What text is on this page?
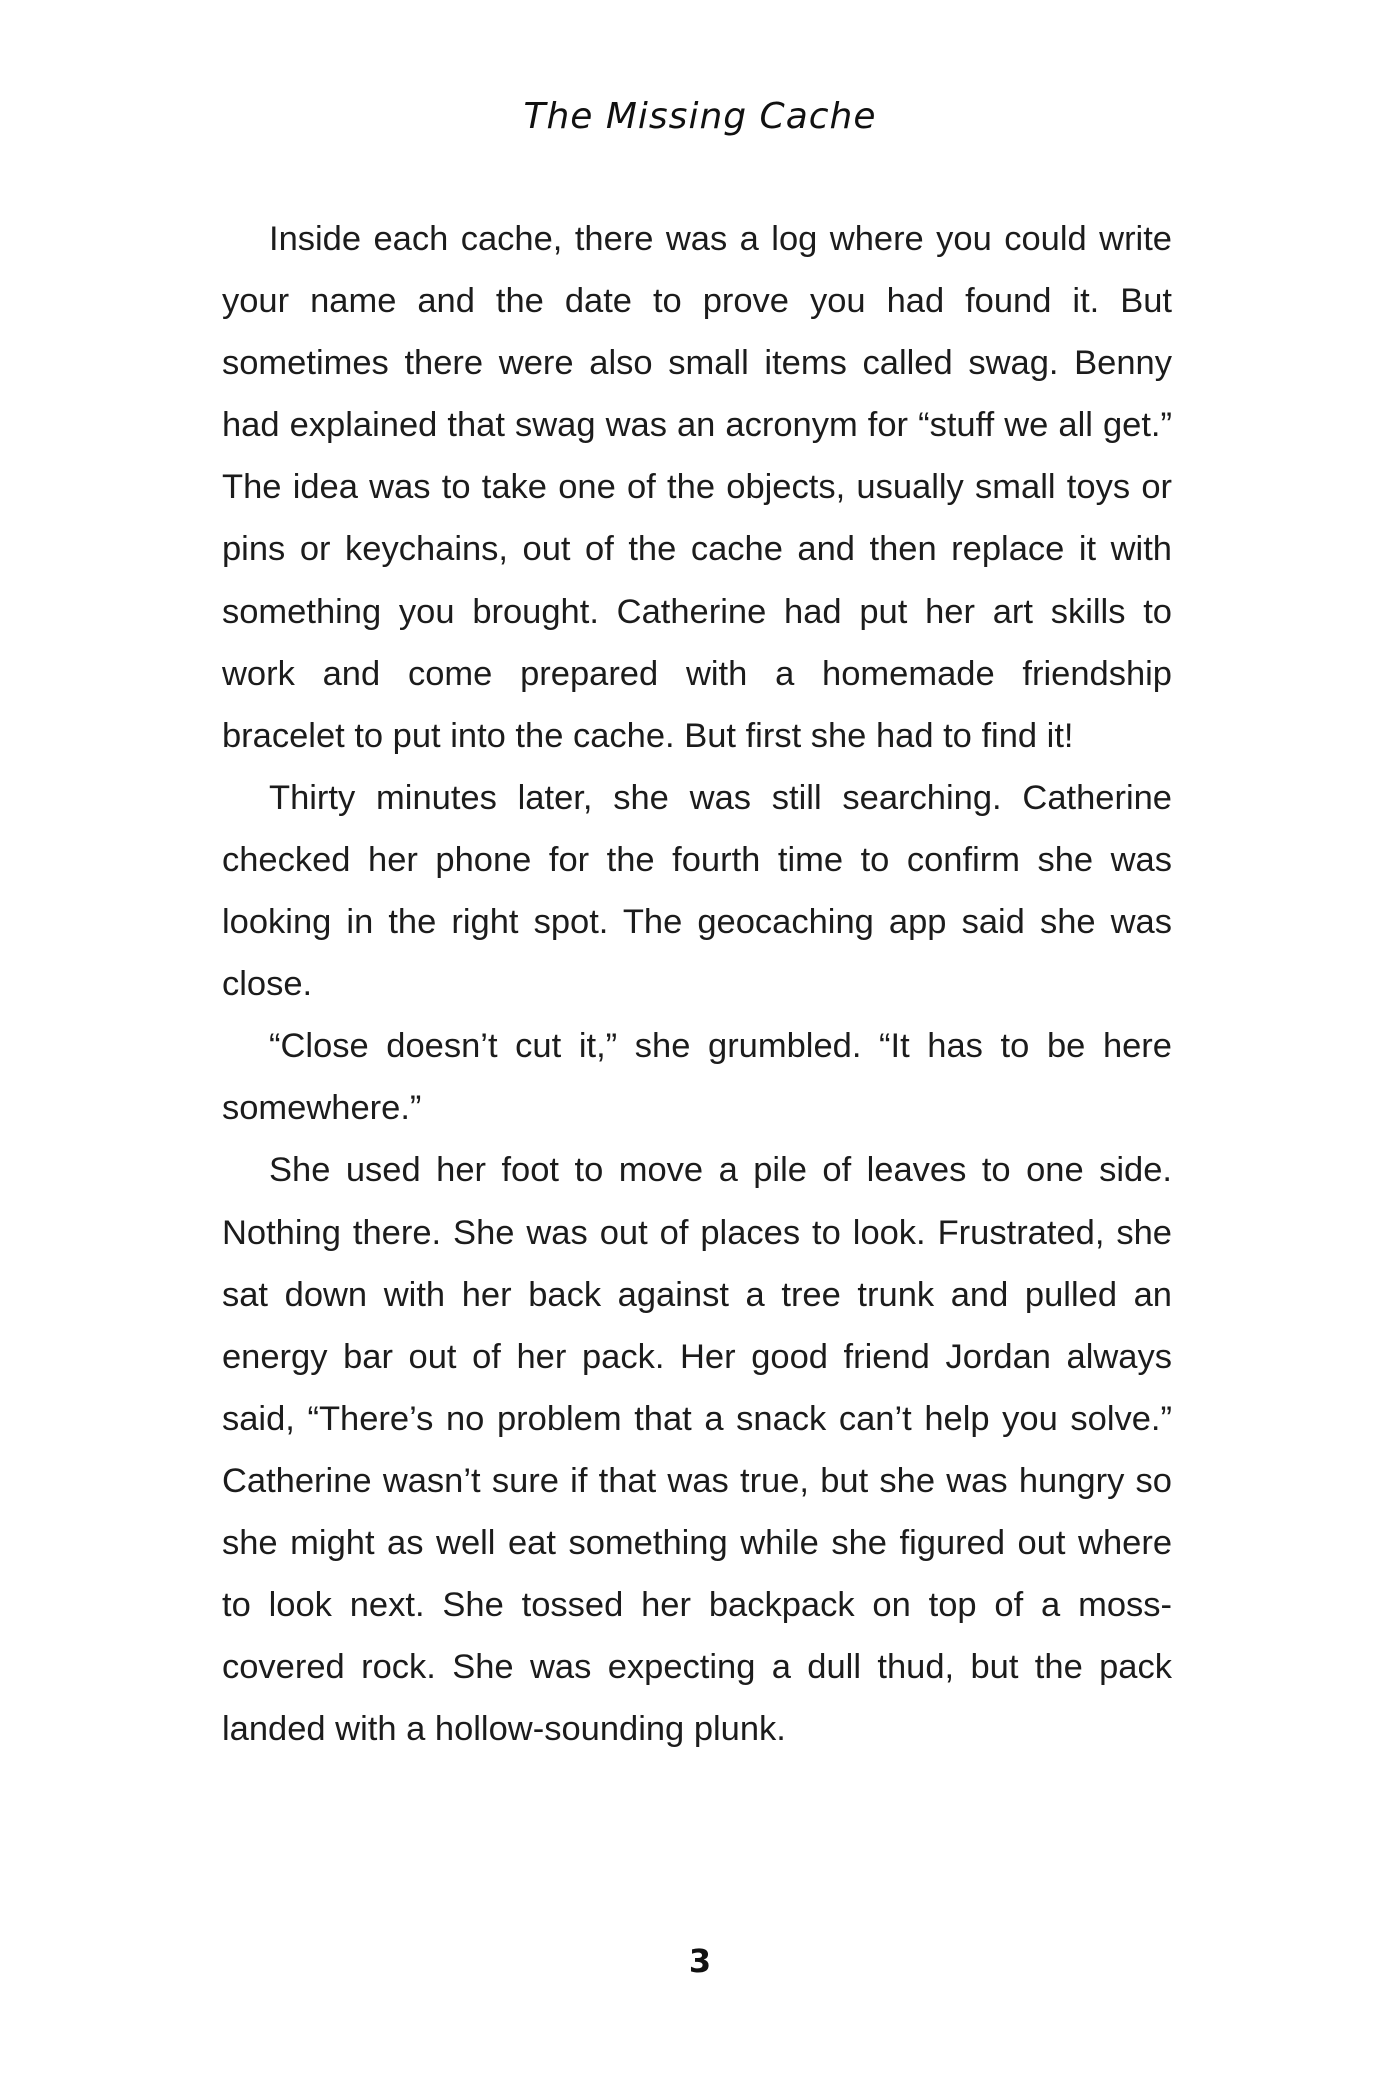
The Missing Cache

Inside each cache, there was a log where you could write your name and the date to prove you had found it. But sometimes there were also small items called swag. Benny had explained that swag was an acronym for “stuff we all get.” The idea was to take one of the objects, usually small toys or pins or keychains, out of the cache and then replace it with something you brought. Catherine had put her art skills to work and come prepared with a homemade friendship bracelet to put into the cache. But first she had to find it!

Thirty minutes later, she was still searching. Catherine checked her phone for the fourth time to confirm she was looking in the right spot. The geocaching app said she was close.

“Close doesn’t cut it,” she grumbled. “It has to be here somewhere.”

She used her foot to move a pile of leaves to one side. Nothing there. She was out of places to look. Frustrated, she sat down with her back against a tree trunk and pulled an energy bar out of her pack. Her good friend Jordan always said, “There’s no problem that a snack can’t help you solve.” Catherine wasn’t sure if that was true, but she was hungry so she might as well eat something while she figured out where to look next. She tossed her backpack on top of a moss-covered rock. She was expecting a dull thud, but the pack landed with a hollow-sounding plunk.

3
